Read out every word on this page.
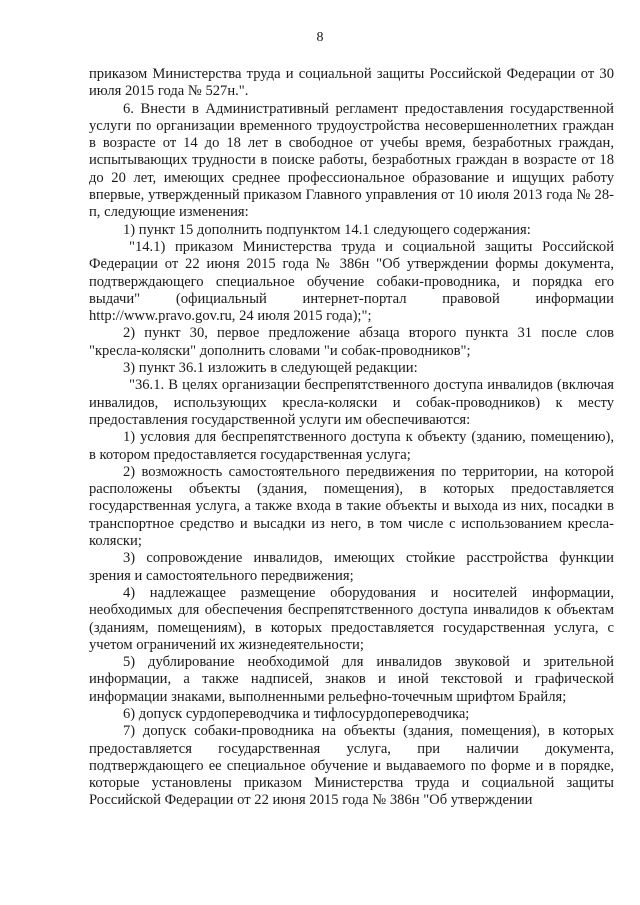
8

приказом Министерства труда и социальной защиты Российской Федерации от 30 июля 2015 года № 527н.".

6. Внести в Административный регламент предоставления государственной услуги по организации временного трудоустройства несовершеннолетних граждан в возрасте от 14 до 18 лет в свободное от учебы время, безработных граждан, испытывающих трудности в поиске работы, безработных граждан в возрасте от 18 до 20 лет, имеющих среднее профессиональное образование и ищущих работу впервые, утвержденный приказом Главного управления от 10 июля 2013 года № 28-п, следующие изменения:

1) пункт 15 дополнить подпунктом 14.1 следующего содержания:

"14.1) приказом Министерства труда и социальной защиты Российской Федерации от 22 июня 2015 года № 386н "Об утверждении формы документа, подтверждающего специальное обучение собаки-проводника, и порядка его выдачи" (официальный интернет-портал правовой информации http://www.pravo.gov.ru, 24 июля 2015 года);";

2) пункт 30, первое предложение абзаца второго пункта 31 после слов "кресла-коляски" дополнить словами "и собак-проводников";

3) пункт 36.1 изложить в следующей редакции:

"36.1. В целях организации беспрепятственного доступа инвалидов (включая инвалидов, использующих кресла-коляски и собак-проводников) к месту предоставления государственной услуги им обеспечиваются:

1) условия для беспрепятственного доступа к объекту (зданию, помещению), в котором предоставляется государственная услуга;

2) возможность самостоятельного передвижения по территории, на которой расположены объекты (здания, помещения), в которых предоставляется государственная услуга, а также входа в такие объекты и выхода из них, посадки в транспортное средство и высадки из него, в том числе с использованием кресла-коляски;

3) сопровождение инвалидов, имеющих стойкие расстройства функции зрения и самостоятельного передвижения;

4) надлежащее размещение оборудования и носителей информации, необходимых для обеспечения беспрепятственного доступа инвалидов к объектам (зданиям, помещениям), в которых предоставляется государственная услуга, с учетом ограничений их жизнедеятельности;

5) дублирование необходимой для инвалидов звуковой и зрительной информации, а также надписей, знаков и иной текстовой и графической информации знаками, выполненными рельефно-точечным шрифтом Брайля;

6) допуск сурдопереводчика и тифлосурдопереводчика;

7) допуск собаки-проводника на объекты (здания, помещения), в которых предоставляется государственная услуга, при наличии документа, подтверждающего ее специальное обучение и выдаваемого по форме и в порядке, которые установлены приказом Министерства труда и социальной защиты Российской Федерации от 22 июня 2015 года № 386н "Об утверждении
